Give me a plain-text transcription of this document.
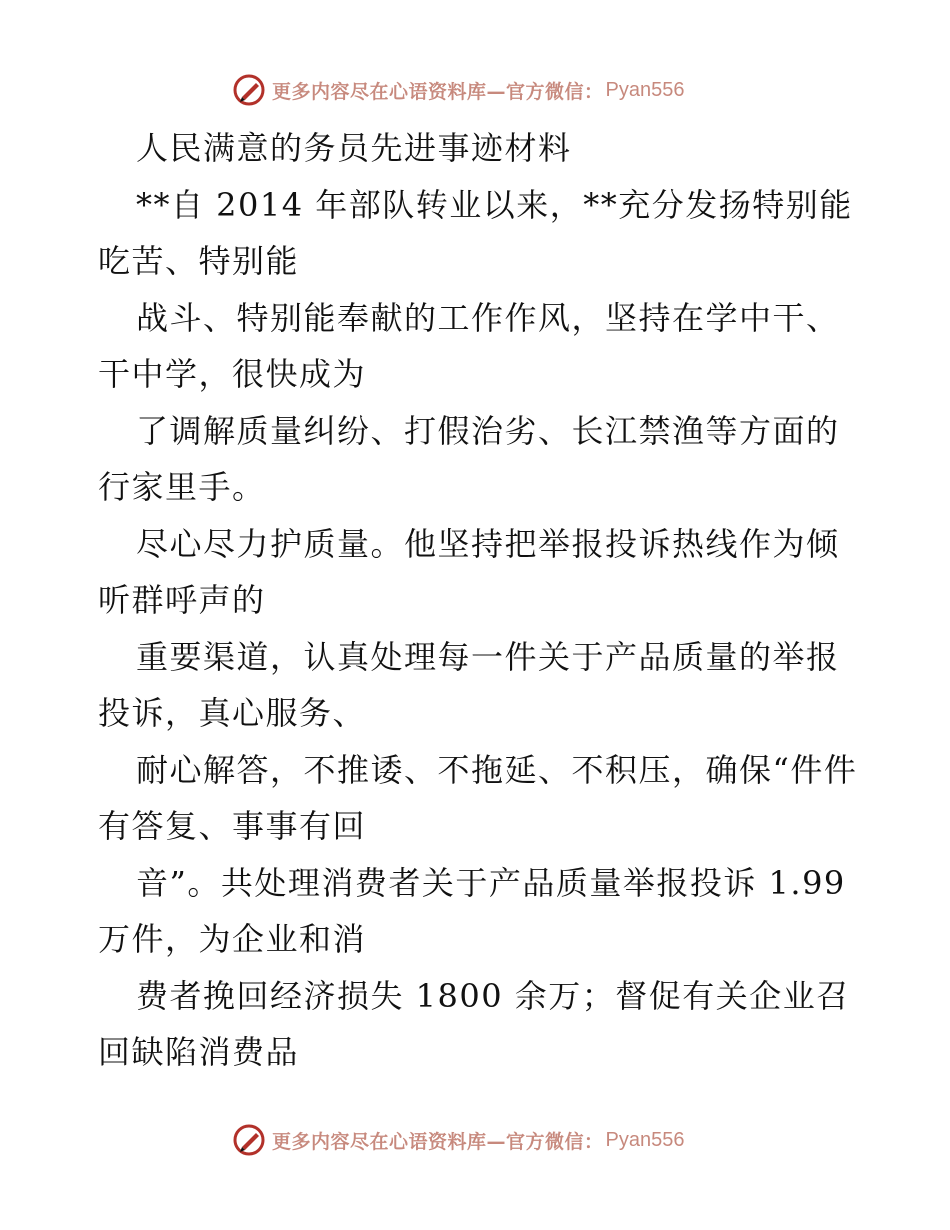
更多内容尽在心语资料库—官方微信： Pyan556

人民满意的务员先进事迹材料

**自 2014 年部队转业以来，**充分发扬特别能吃苦、特别能

战斗、特别能奉献的工作作风，坚持在学中干、干中学，很快成为

了调解质量纠纷、打假治劣、长江禁渔等方面的行家里手。

尽心尽力护质量。他坚持把举报投诉热线作为倾听群呼声的

重要渠道，认真处理每一件关于产品质量的举报投诉，真心服务、

耐心解答，不推诿、不拖延、不积压，确保“件件有答复、事事有回

音”。共处理消费者关于产品质量举报投诉 1.99 万件，为企业和消

费者挽回经济损失 1800 余万；督促有关企业召回缺陷消费品

更多内容尽在心语资料库—官方微信： Pyan556
